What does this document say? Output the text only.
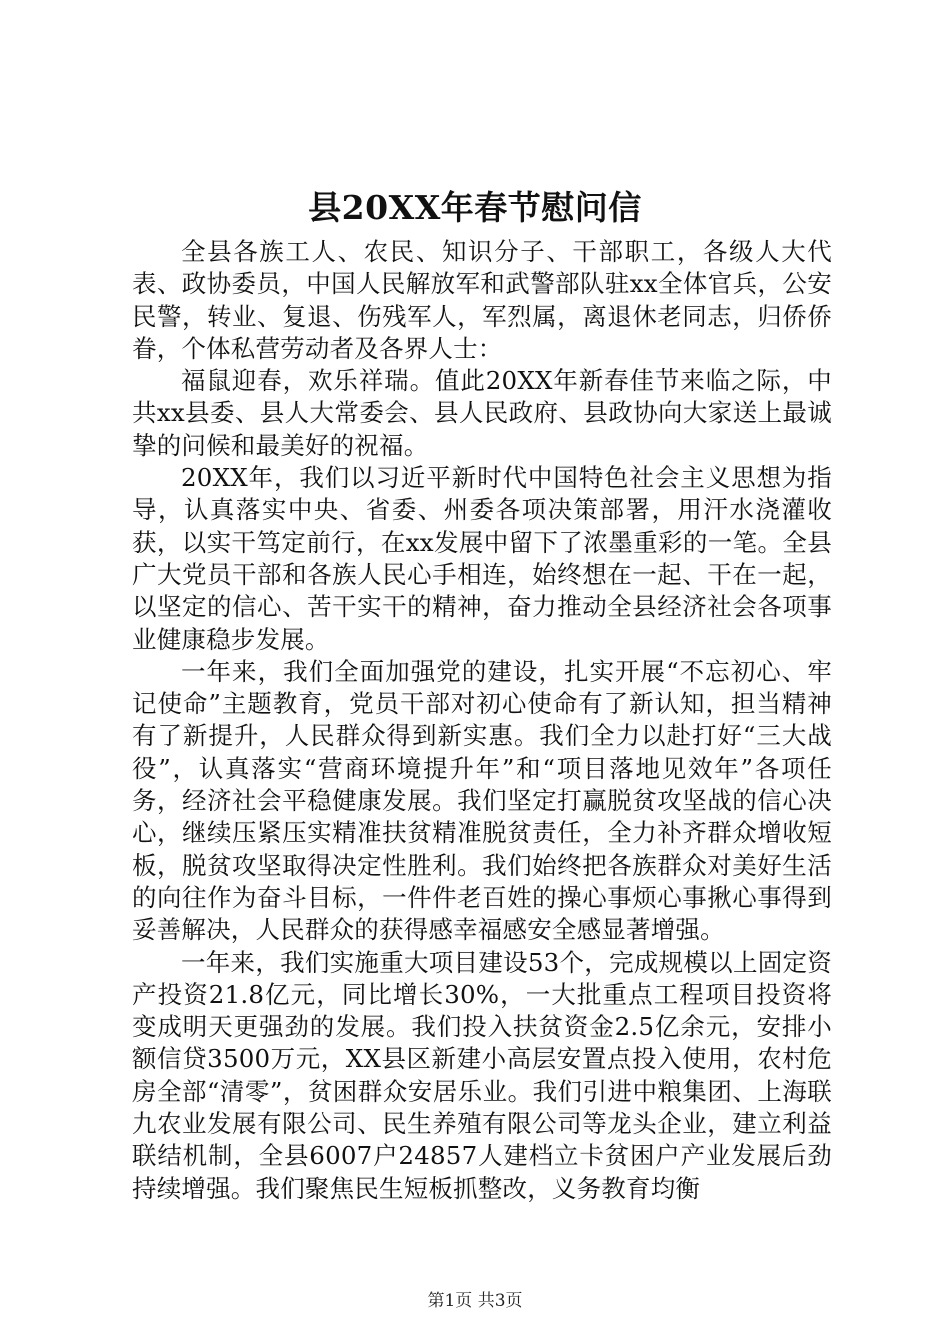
县20XX年春节慰问信

全县各族工人、农民、知识分子、干部职工，各级人大代表、政协委员，中国人民解放军和武警部队驻xx全体官兵，公安民警，转业、复退、伤残军人，军烈属，离退休老同志，归侨侨眷，个体私营劳动者及各界人士：

福鼠迎春，欢乐祥瑞。值此20XX年新春佳节来临之际，中共xx县委、县人大常委会、县人民政府、县政协向大家送上最诚挚的问候和最美好的祝福。

20XX年，我们以习近平新时代中国特色社会主义思想为指导，认真落实中央、省委、州委各项决策部署，用汗水浇灌收获，以实干笃定前行，在xx发展中留下了浓墨重彩的一笔。全县广大党员干部和各族人民心手相连，始终想在一起、干在一起，以坚定的信心、苦干实干的精神，奋力推动全县经济社会各项事业健康稳步发展。

一年来，我们全面加强党的建设，扎实开展“不忘初心、牢记使命”主题教育，党员干部对初心使命有了新认知，担当精神有了新提升，人民群众得到新实惠。我们全力以赴打好“三大战役”，认真落实“营商环境提升年”和“项目落地见效年”各项任务，经济社会平稳健康发展。我们坚定打赢脱贫攻坚战的信心决心，继续压紧压实精准扶贫精准脱贫责任，全力补齐群众增收短板，脱贫攻坚取得决定性胜利。我们始终把各族群众对美好生活的向往作为奋斗目标，一件件老百姓的操心事烦心事揪心事得到妥善解决，人民群众的获得感幸福感安全感显著增强。

一年来，我们实施重大项目建设53个，完成规模以上固定资产投资21.8亿元，同比增长30%，一大批重点工程项目投资将变成明天更强劲的发展。我们投入扶贫资金2.5亿余元，安排小额信贷3500万元，XX县区新建小高层安置点投入使用，农村危房全部“清零”，贫困群众安居乐业。我们引进中粮集团、上海联九农业发展有限公司、民生养殖有限公司等龙头企业，建立利益联结机制，全县6007户24857人建档立卡贫困户产业发展后劲持续增强。我们聚焦民生短板抓整改，义务教育均衡

第1页 共3页
